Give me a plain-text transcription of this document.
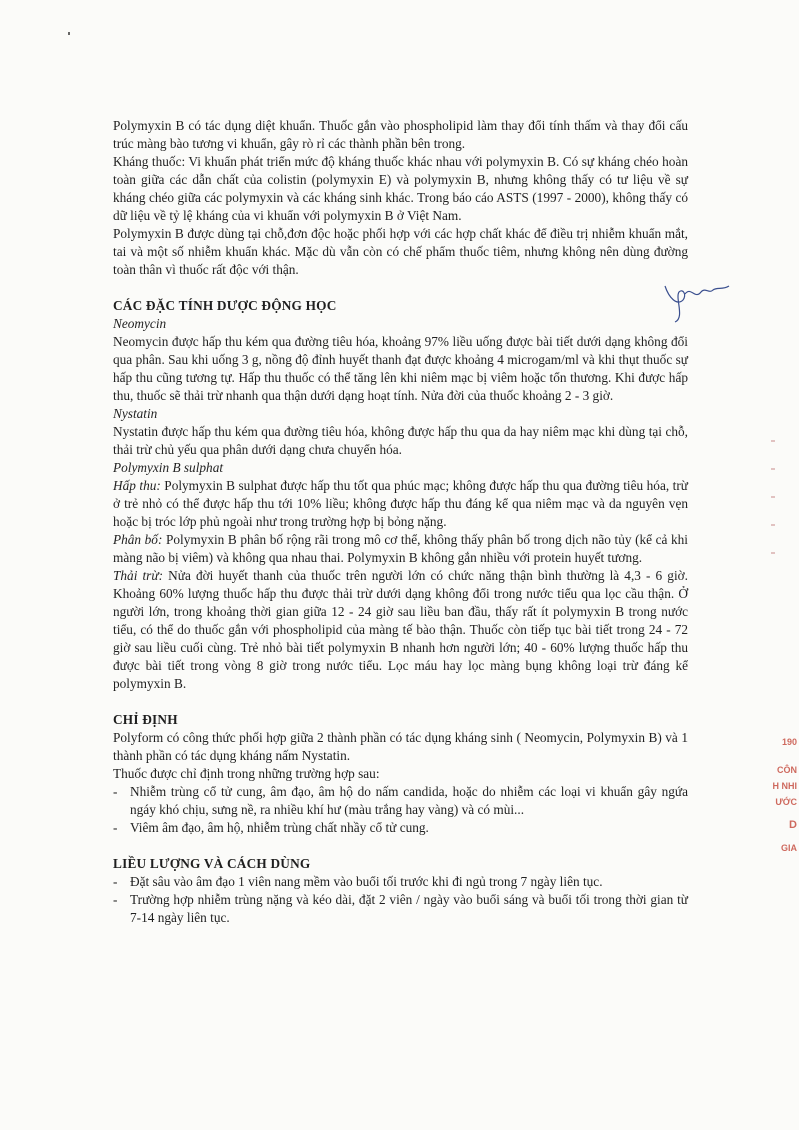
Polymyxin B có tác dụng diệt khuẩn. Thuốc gắn vào phospholipid làm thay đổi tính thấm và thay đổi cấu trúc màng bào tương vi khuẩn, gây rò rỉ các thành phần bên trong.

Kháng thuốc: Vi khuẩn phát triển mức độ kháng thuốc khác nhau với polymyxin B. Có sự kháng chéo hoàn toàn giữa các dẫn chất của colistin (polymyxin E) và polymyxin B, nhưng không thấy có tư liệu về sự kháng chéo giữa các polymyxin và các kháng sinh khác. Trong báo cáo ASTS (1997 - 2000), không thấy có dữ liệu về tỷ lệ kháng của vi khuẩn với polymyxin B ở Việt Nam.

Polymyxin B được dùng tại chỗ,đơn độc hoặc phối hợp với các hợp chất khác để điều trị nhiễm khuẩn mắt, tai và một số nhiễm khuẩn khác. Mặc dù vẫn còn có chế phẩm thuốc tiêm, nhưng không nên dùng đường toàn thân vì thuốc rất độc với thận.

CÁC ĐẶC TÍNH DƯỢC ĐỘNG HỌC

Neomycin

Neomycin được hấp thu kém qua đường tiêu hóa, khoảng 97% liều uống được bài tiết dưới dạng không đổi qua phân. Sau khi uống 3 g, nồng độ đỉnh huyết thanh đạt được khoảng 4 microgam/ml và khi thụt thuốc sự hấp thu cũng tương tự. Hấp thu thuốc có thể tăng lên khi niêm mạc bị viêm hoặc tổn thương. Khi được hấp thu, thuốc sẽ thải trừ nhanh qua thận dưới dạng hoạt tính. Nửa đời của thuốc khoảng 2 - 3 giờ.

Nystatin

Nystatin được hấp thu kém qua đường tiêu hóa, không được hấp thu qua da hay niêm mạc khi dùng tại chỗ, thải trừ chủ yếu qua phân dưới dạng chưa chuyển hóa.

Polymyxin B sulphat

Hấp thu: Polymyxin B sulphat được hấp thu tốt qua phúc mạc; không được hấp thu qua đường tiêu hóa, trừ ở trẻ nhỏ có thể được hấp thu tới 10% liều; không được hấp thu đáng kể qua niêm mạc và da nguyên vẹn hoặc bị tróc lớp phủ ngoài như trong trường hợp bị bỏng nặng.

Phân bố: Polymyxin B phân bố rộng rãi trong mô cơ thể, không thấy phân bố trong dịch não tủy (kể cả khi màng não bị viêm) và không qua nhau thai. Polymyxin B không gắn nhiều với protein huyết tương.

Thải trừ: Nửa đời huyết thanh của thuốc trên người lớn có chức năng thận bình thường là 4,3 - 6 giờ. Khoảng 60% lượng thuốc hấp thu được thải trừ dưới dạng không đổi trong nước tiểu qua lọc cầu thận. Ở người lớn, trong khoảng thời gian giữa 12 - 24 giờ sau liều ban đầu, thấy rất ít polymyxin B trong nước tiểu, có thể do thuốc gắn với phospholipid của màng tế bào thận. Thuốc còn tiếp tục bài tiết trong 24 - 72 giờ sau liều cuối cùng. Trẻ nhỏ bài tiết polymyxin B nhanh hơn người lớn; 40 - 60% lượng thuốc hấp thu được bài tiết trong vòng 8 giờ trong nước tiểu. Lọc máu hay lọc màng bụng không loại trừ đáng kể polymyxin B.

CHỈ ĐỊNH

Polyform có công thức phối hợp giữa 2 thành phần có tác dụng kháng sinh ( Neomycin, Polymyxin B) và 1 thành phần có tác dụng kháng nấm Nystatin.

Thuốc được chỉ định trong những trường hợp sau:

- Nhiễm trùng cổ tử cung, âm đạo, âm hộ do nấm candida, hoặc do nhiễm các loại vi khuẩn gây ngứa ngáy khó chịu, sưng nề, ra nhiều khí hư (màu trắng hay vàng) và có mùi...
- Viêm âm đạo, âm hộ, nhiễm trùng chất nhầy cổ tử cung.

LIỀU LƯỢNG VÀ CÁCH DÙNG

- Đặt sâu vào âm đạo 1 viên nang mềm vào buổi tối trước khi đi ngủ trong 7 ngày liên tục.
- Trường hợp nhiễm trùng nặng và kéo dài, đặt 2 viên / ngày vào buổi sáng và buổi tối trong thời gian từ 7-14 ngày liên tục.
190
CÔN
H NHI
ƯỚC
D
GIA
